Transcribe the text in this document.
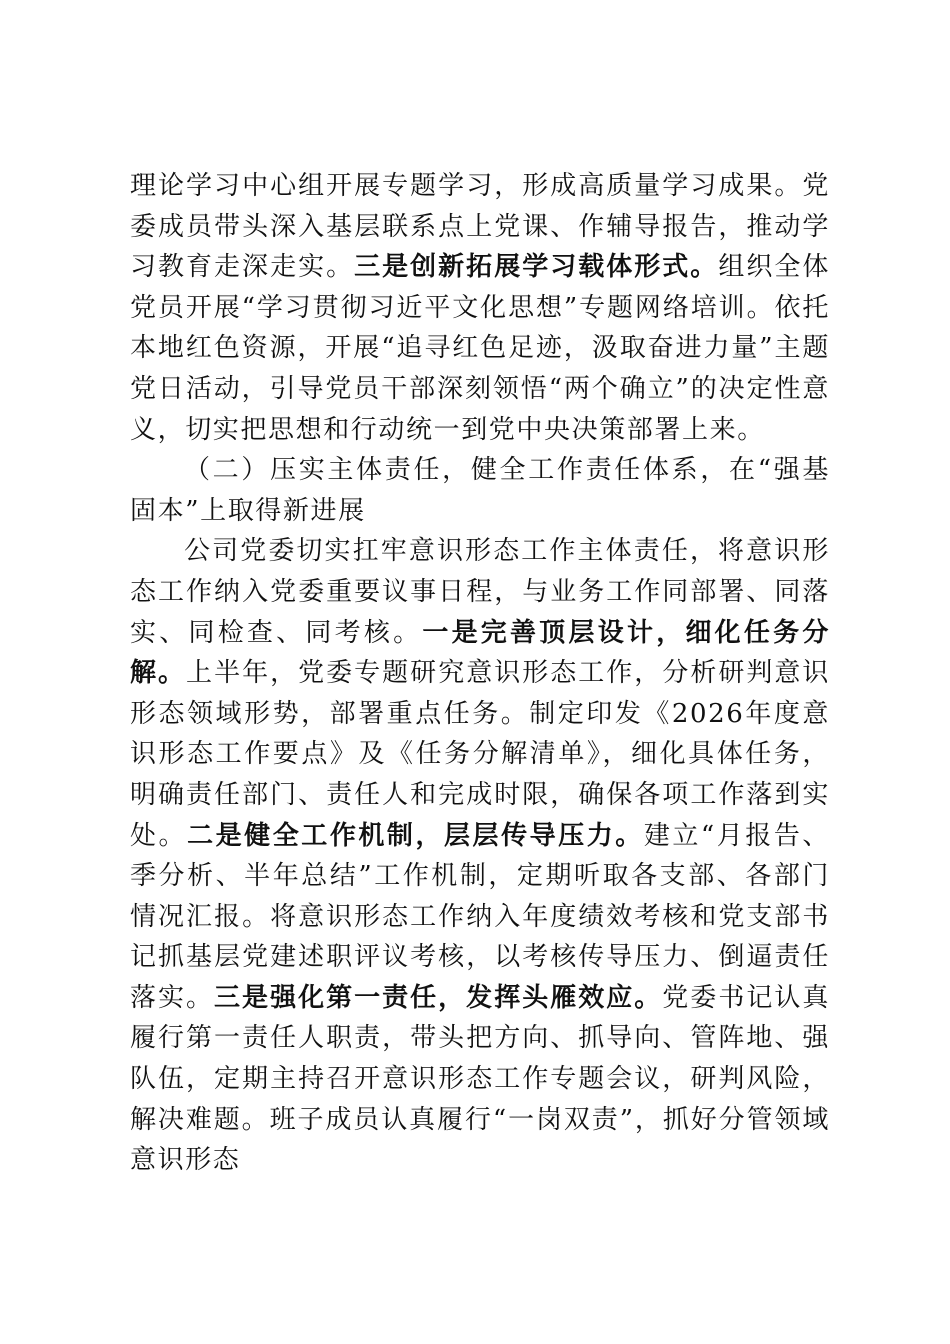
理论学习中心组开展专题学习，形成高质量学习成果。党委成员带头深入基层联系点上党课、作辅导报告，推动学习教育走深走实。三是创新拓展学习载体形式。组织全体党员开展“学习贯彻习近平文化思想”专题网络培训。依托本地红色资源，开展“追寻红色足迹，汲取奋进力量”主题党日活动，引导党员干部深刻领悟“两个确立”的决定性意义，切实把思想和行动统一到党中央决策部署上来。

（二）压实主体责任，健全工作责任体系，在“强基固本”上取得新进展

公司党委切实扛牢意识形态工作主体责任，将意识形态工作纳入党委重要议事日程，与业务工作同部署、同落实、同检查、同考核。一是完善顶层设计，细化任务分解。上半年，党委专题研究意识形态工作，分析研判意识形态领域形势，部署重点任务。制定印发《2026年度意识形态工作要点》及《任务分解清单》，细化具体任务，明确责任部门、责任人和完成时限，确保各项工作落到实处。二是健全工作机制，层层传导压力。建立“月报告、季分析、半年总结”工作机制，定期听取各支部、各部门情况汇报。将意识形态工作纳入年度绩效考核和党支部书记抓基层党建述职评议考核，以考核传导压力、倒逼责任落实。三是强化第一责任，发挥头雁效应。党委书记认真履行第一责任人职责，带头把方向、抓导向、管阵地、强队伍，定期主持召开意识形态工作专题会议，研判风险，解决难题。班子成员认真履行“一岗双责”，抓好分管领域意识形态
